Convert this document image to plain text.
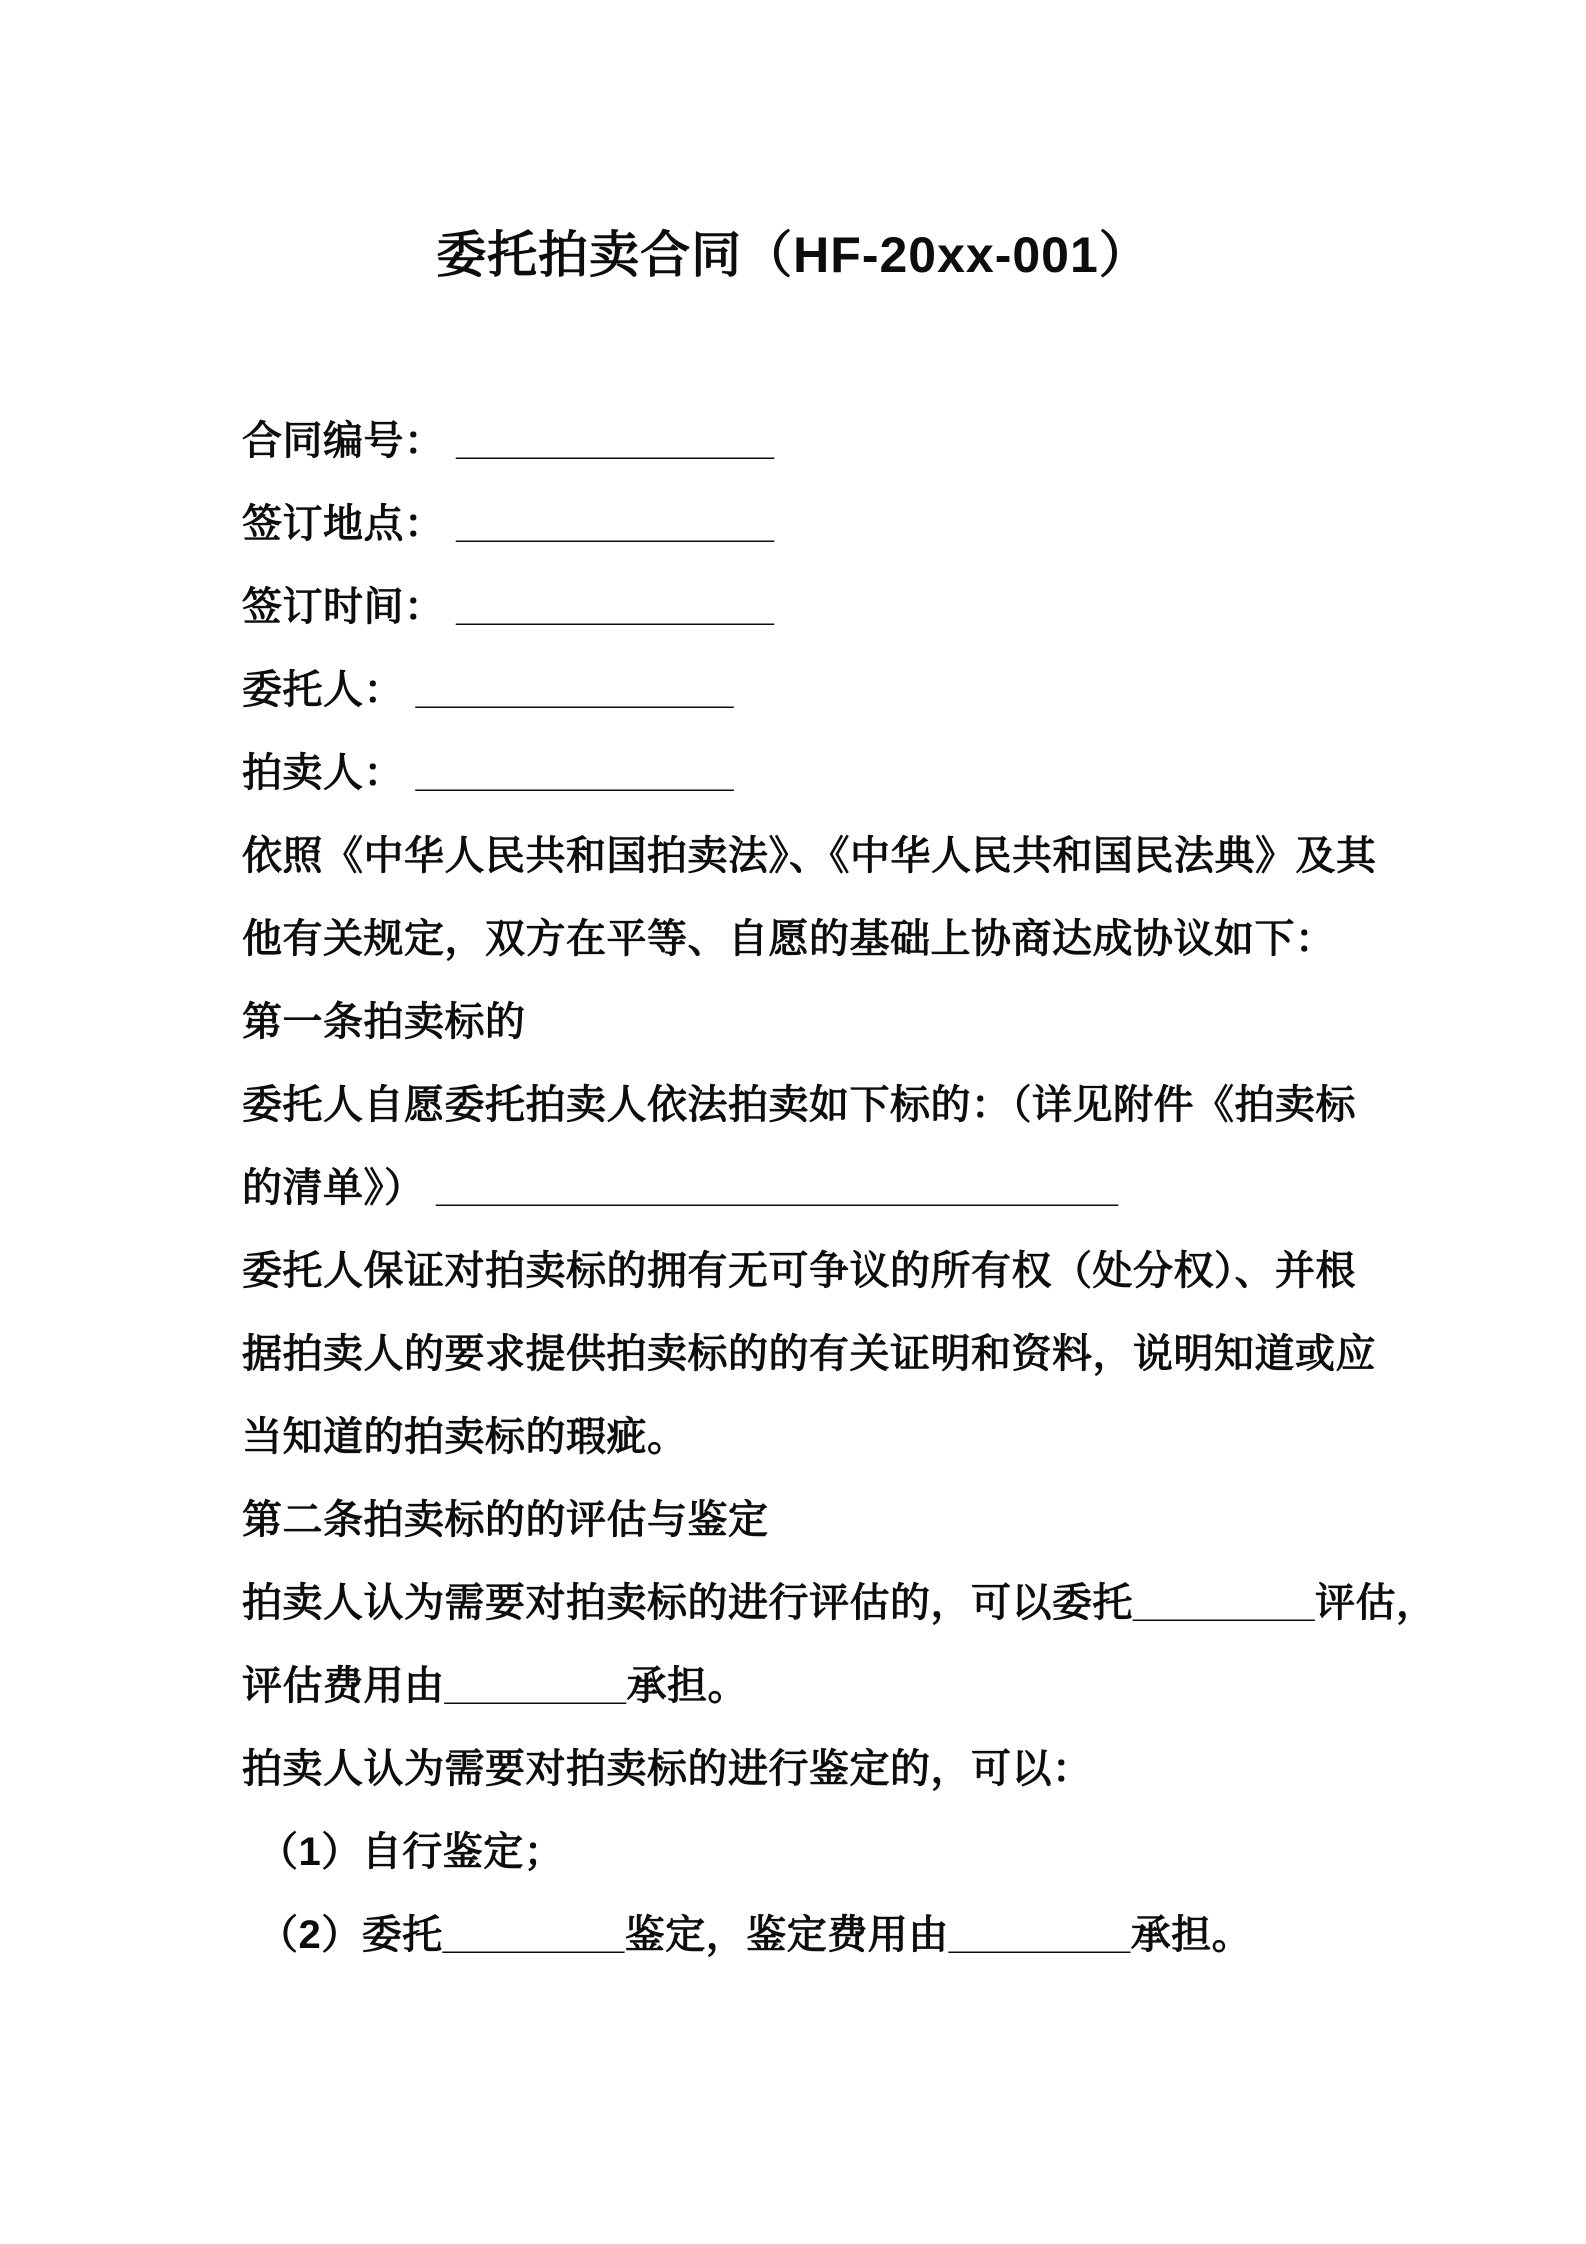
委托拍卖合同（HF-20xx-001）
合同编号： ______________
签订地点： ______________
签订时间： ______________
委托人： ______________
拍卖人： ______________
依照《中华人民共和国拍卖法》、《中华人民共和国民法典》及其
他有关规定，双方在平等、自愿的基础上协商达成协议如下：
第一条拍卖标的
委托人自愿委托拍卖人依法拍卖如下标的：（详见附件《拍卖标
的清单》） ______________________________
委托人保证对拍卖标的拥有无可争议的所有权（处分权）、并根
据拍卖人的要求提供拍卖标的的有关证明和资料，说明知道或应
当知道的拍卖标的瑕疵。
第二条拍卖标的的评估与鉴定
拍卖人认为需要对拍卖标的进行评估的，可以委托________评估，
评估费用由________承担。
拍卖人认为需要对拍卖标的进行鉴定的，可以：
（1）自行鉴定；
（2）委托________鉴定，鉴定费用由________承担。
